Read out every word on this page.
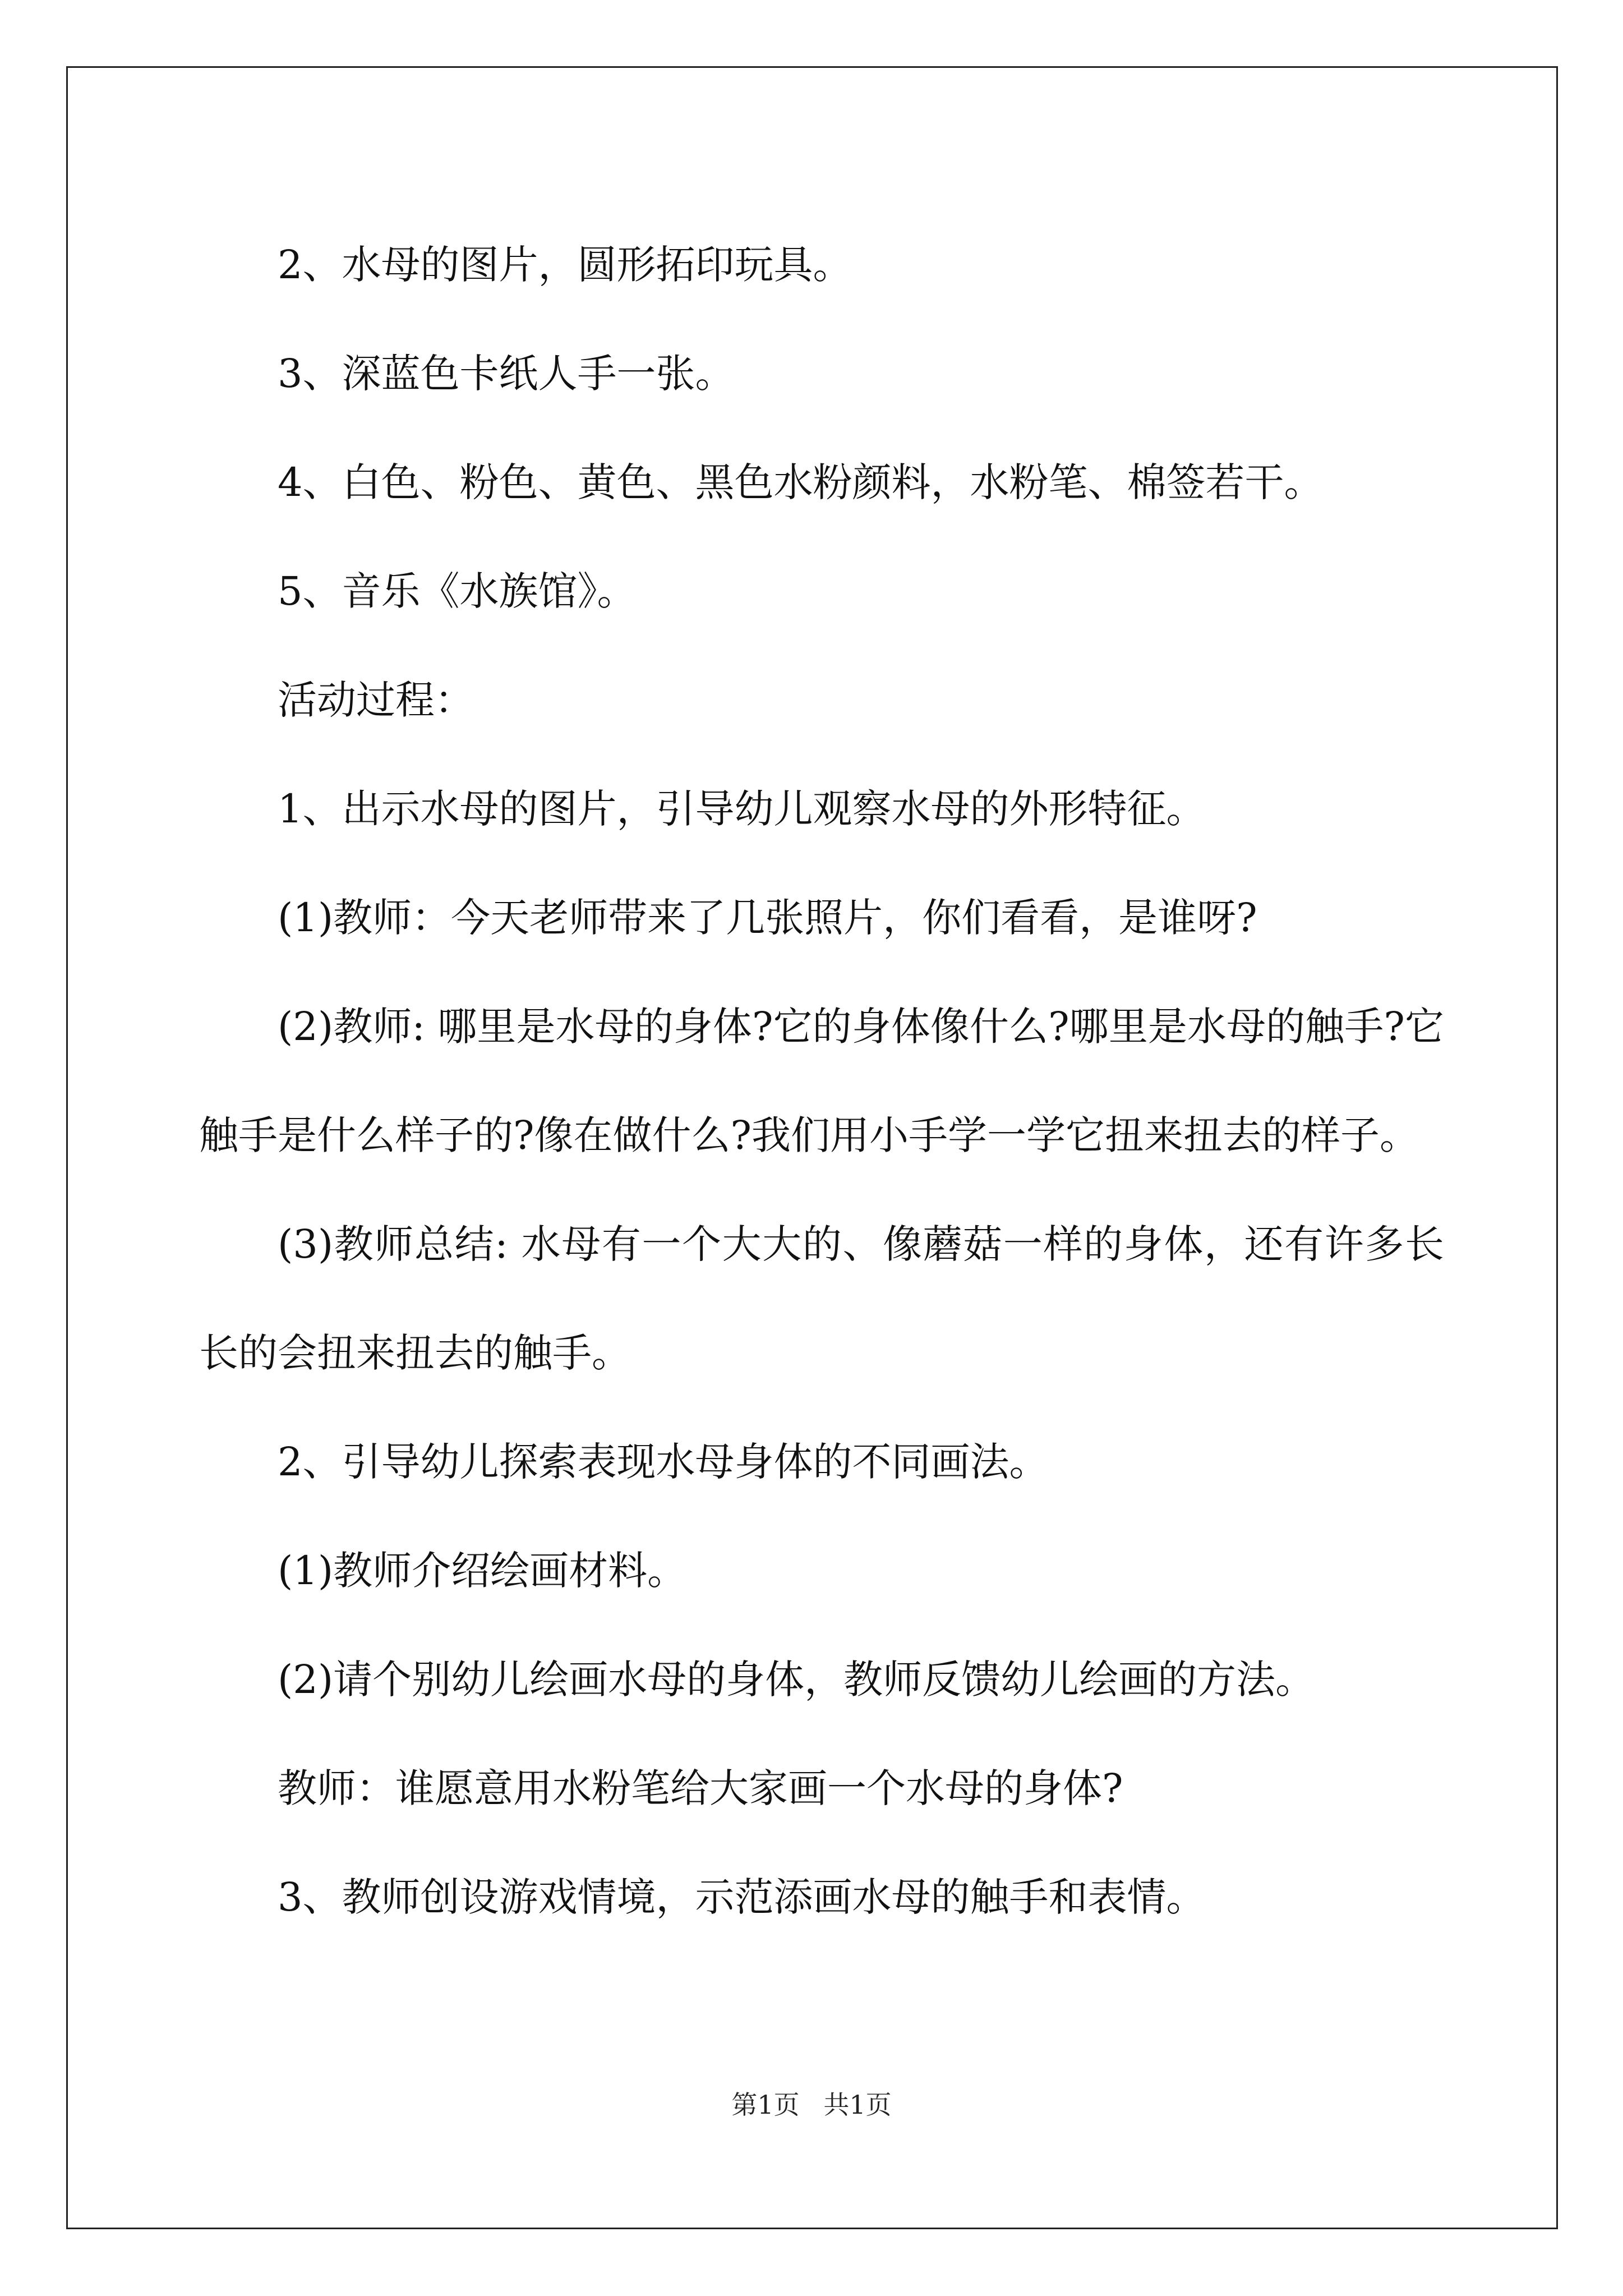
2、水母的图片，圆形拓印玩具。

3、深蓝色卡纸人手一张。

4、白色、粉色、黄色、黑色水粉颜料，水粉笔、棉签若干。

5、音乐《水族馆》。

活动过程：

1、出示水母的图片，引导幼儿观察水母的外形特征。

(1)教师：今天老师带来了几张照片，你们看看，是谁呀?

(2)教师: 哪里是水母的身体?它的身体像什么?哪里是水母的触手?它触手是什么样子的?像在做什么?我们用小手学一学它扭来扭去的样子。

(3)教师总结: 水母有一个大大的、像蘑菇一样的身体，还有许多长长的会扭来扭去的触手。

2、引导幼儿探索表现水母身体的不同画法。

(1)教师介绍绘画材料。

(2)请个别幼儿绘画水母的身体，教师反馈幼儿绘画的方法。

教师：谁愿意用水粉笔给大家画一个水母的身体?

3、教师创设游戏情境，示范添画水母的触手和表情。

第1页 共1页
